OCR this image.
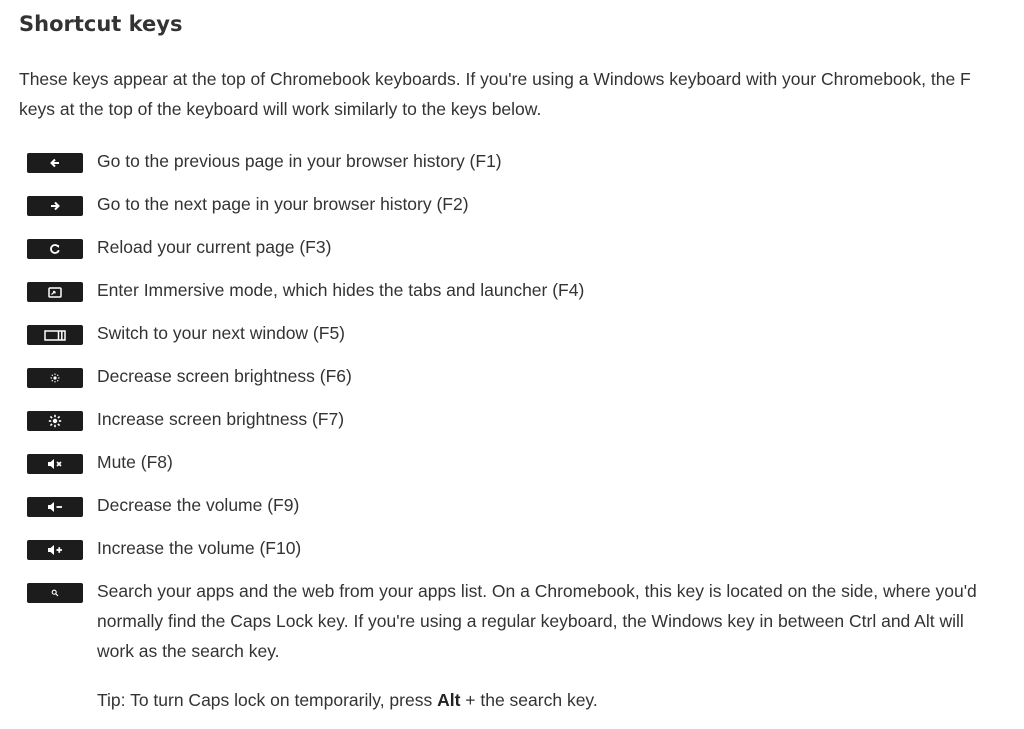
Shortcut keys

These keys appear at the top of Chromebook keyboards. If you're using a Windows keyboard with your Chromebook, the F keys at the top of the keyboard will work similarly to the keys below.

Go to the previous page in your browser history (F1)

Go to the next page in your browser history (F2)

Reload your current page (F3)

Enter Immersive mode, which hides the tabs and launcher (F4)

Switch to your next window (F5)

Decrease screen brightness (F6)

Increase screen brightness (F7)

Mute (F8)

Decrease the volume (F9)

Increase the volume (F10)

Search your apps and the web from your apps list. On a Chromebook, this key is located on the side, where you'd normally find the Caps Lock key. If you're using a regular keyboard, the Windows key in between Ctrl and Alt will work as the search key.

Tip: To turn Caps lock on temporarily, press Alt + the search key.
